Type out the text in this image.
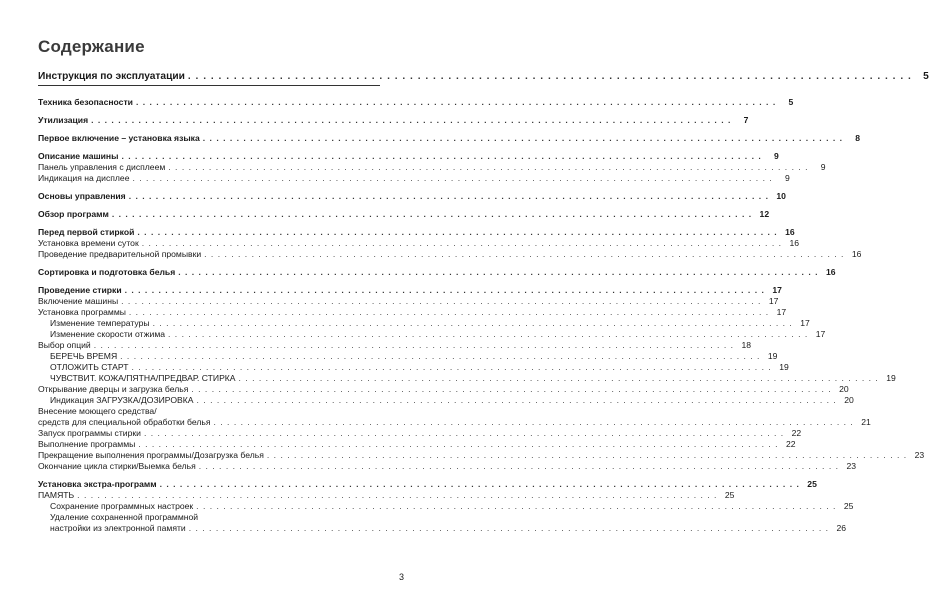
Содержание
Инструкция по эксплуатации . . .	5
Техника безопасности . . .	5
Утилизация . . .	7
Первое включение – установка языка . . .	8
Описание машины . . .	9
Панель управления с дисплеем . . .	9
Индикация на дисплее . . .	9
Основы управления . . .	10
Обзор программ . . .	12
Перед первой стиркой . . .	16
Установка времени суток . . .	16
Проведение предварительной промывки . . .	16
Сортировка и подготовка белья . . .	16
Проведение стирки . . .	17
Включение машины . . .	17
Установка программы . . .	17
Изменение температуры . . .	17
Изменение скорости отжима . . .	17
Выбор опций . . .	18
БЕРЕЧЬ ВРЕМЯ . . .	19
ОТЛОЖИТЬ СТАРТ . . .	19
ЧУВСТВИТ. КОЖА/ПЯТНА/ПРЕДВАР. СТИРКА . . .	19
Открывание дверцы и загрузка белья . . .	20
Индикация ЗАГРУЗКА/ДОЗИРОВКА . . .	20
Внесение моющего средства/
средств для специальной обработки белья . . .	21
Запуск программы стирки . . .	22
Выполнение программы . . .	22
Прекращение выполнения программы/Дозагрузка белья . . .	23
Окончание цикла стирки/Выемка белья . . .	23
Установка экстра-программ . . .	25
ПАМЯТЬ . . .	25
Сохранение программных настроек . . .	25
Удаление сохраненной программной
настройки из электронной памяти . . .	26
3
